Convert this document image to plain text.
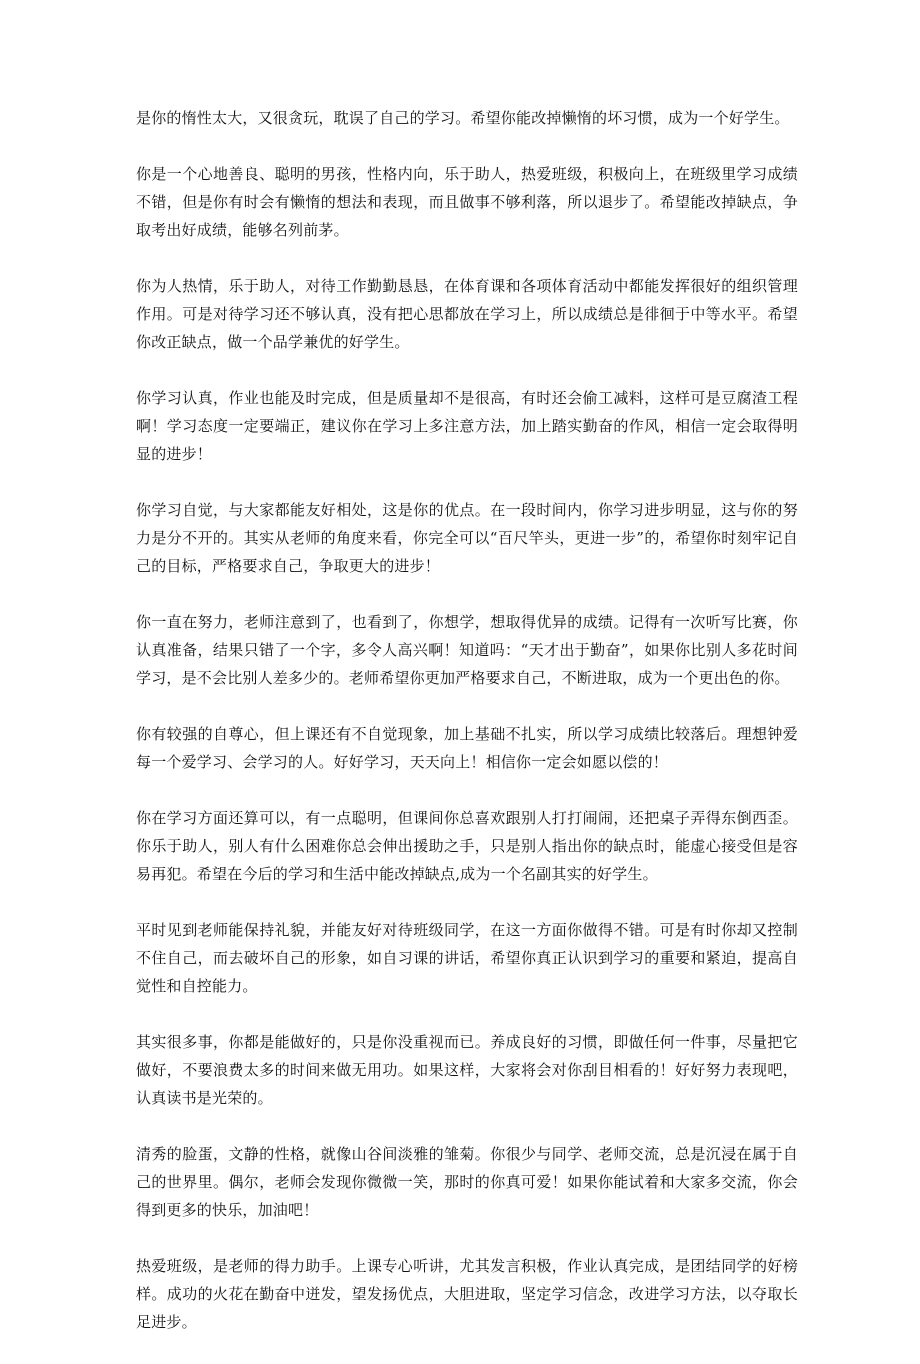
是你的惰性太大，又很贪玩，耽误了自己的学习。希望你能改掉懒惰的坏习惯，成为一个好学生。

你是一个心地善良、聪明的男孩，性格内向，乐于助人，热爱班级，积极向上，在班级里学习成绩不错，但是你有时会有懒惰的想法和表现，而且做事不够利落，所以退步了。希望能改掉缺点，争取考出好成绩，能够名列前茅。

你为人热情，乐于助人，对待工作勤勤恳恳，在体育课和各项体育活动中都能发挥很好的组织管理作用。可是对待学习还不够认真，没有把心思都放在学习上，所以成绩总是徘徊于中等水平。希望你改正缺点，做一个品学兼优的好学生。

你学习认真，作业也能及时完成，但是质量却不是很高，有时还会偷工减料，这样可是豆腐渣工程啊！学习态度一定要端正，建议你在学习上多注意方法，加上踏实勤奋的作风，相信一定会取得明显的进步！

你学习自觉，与大家都能友好相处，这是你的优点。在一段时间内，你学习进步明显，这与你的努力是分不开的。其实从老师的角度来看，你完全可以“百尺竿头，更进一步”的，希望你时刻牢记自己的目标，严格要求自己，争取更大的进步！

你一直在努力，老师注意到了，也看到了，你想学，想取得优异的成绩。记得有一次听写比赛，你认真准备，结果只错了一个字，多令人高兴啊！知道吗：“天才出于勤奋”，如果你比别人多花时间学习，是不会比别人差多少的。老师希望你更加严格要求自己，不断进取，成为一个更出色的你。

你有较强的自尊心，但上课还有不自觉现象，加上基础不扎实，所以学习成绩比较落后。理想钟爱每一个爱学习、会学习的人。好好学习，天天向上！相信你一定会如愿以偿的！

你在学习方面还算可以，有一点聪明，但课间你总喜欢跟别人打打闹闹，还把桌子弄得东倒西歪。你乐于助人，别人有什么困难你总会伸出援助之手，只是别人指出你的缺点时，能虚心接受但是容易再犯。希望在今后的学习和生活中能改掉缺点,成为一个名副其实的好学生。

平时见到老师能保持礼貌，并能友好对待班级同学，在这一方面你做得不错。可是有时你却又控制不住自己，而去破坏自己的形象，如自习课的讲话，希望你真正认识到学习的重要和紧迫，提高自觉性和自控能力。

其实很多事，你都是能做好的，只是你没重视而已。养成良好的习惯，即做任何一件事，尽量把它做好，不要浪费太多的时间来做无用功。如果这样，大家将会对你刮目相看的！好好努力表现吧，认真读书是光荣的。

清秀的脸蛋，文静的性格，就像山谷间淡雅的雏菊。你很少与同学、老师交流，总是沉浸在属于自己的世界里。偶尔，老师会发现你微微一笑，那时的你真可爱！如果你能试着和大家多交流，你会得到更多的快乐，加油吧！

热爱班级，是老师的得力助手。上课专心听讲，尤其发言积极，作业认真完成，是团结同学的好榜样。成功的火花在勤奋中迸发，望发扬优点，大胆进取，坚定学习信念，改进学习方法，以夺取长足进步。
